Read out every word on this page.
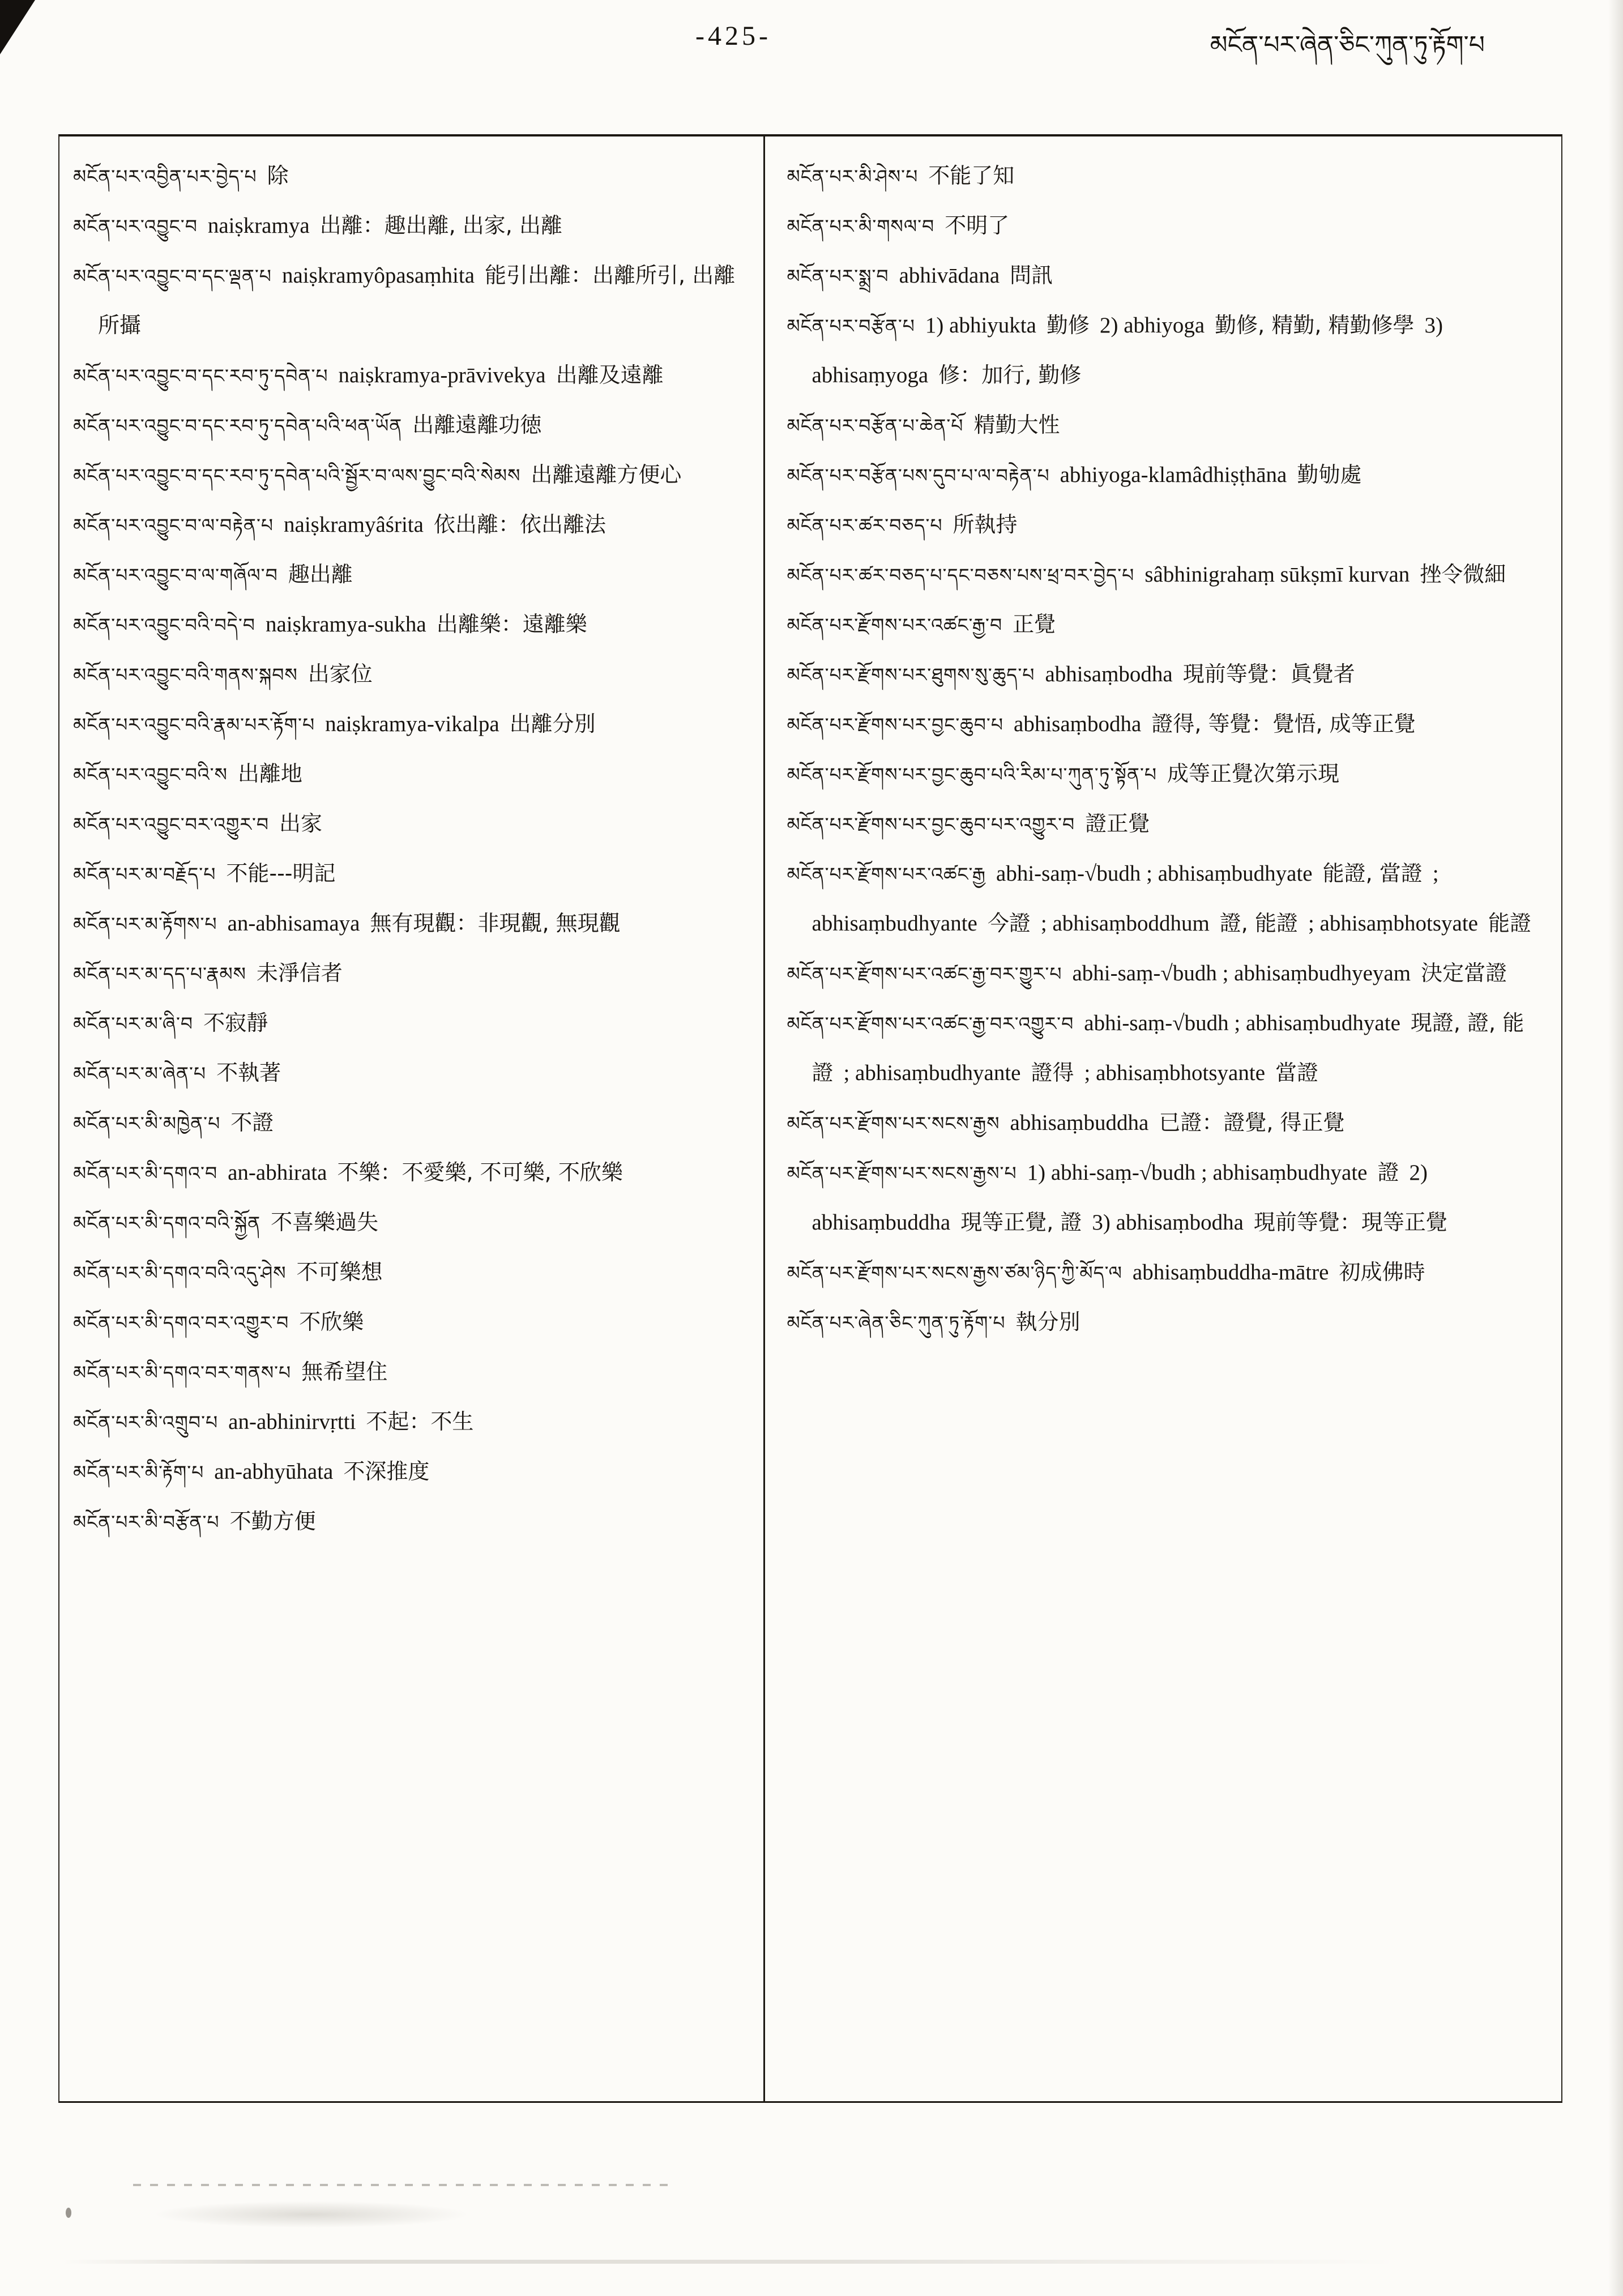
-425-	མངོན་པར་ཞེན་ཅིང་ཀུན་ཏུ་རྟོག་པ

མངོན་པར་འབྱིན་པར་བྱེད་པ 除

མངོན་པར་འབྱུང་བ naiṣkramya 出離：趣出離, 出家, 出離

མངོན་པར་འབྱུང་བ་དང་ལྡན་པ naiṣkramyôpasaṃhita 能引出離：出離所引, 出離所攝

མངོན་པར་འབྱུང་བ་དང་རབ་ཏུ་དབེན་པ naiṣkramya-prāvivekya 出離及遠離

མངོན་པར་འབྱུང་བ་དང་རབ་ཏུ་དབེན་པའི་ཕན་ཡོན 出離遠離功徳

མངོན་པར་འབྱུང་བ་དང་རབ་ཏུ་དབེན་པའི་སྦྱོར་བ་ལས་བྱུང་བའི་སེམས 出離遠離方便心

མངོན་པར་འབྱུང་བ་ལ་བརྟེན་པ naiṣkramyâśrita 依出離：依出離法

མངོན་པར་འབྱུང་བ་ལ་གཞོལ་བ 趣出離

མངོན་པར་འབྱུང་བའི་བདེ་བ naiṣkramya-sukha 出離樂：遠離樂

མངོན་པར་འབྱུང་བའི་གནས་སྐབས 出家位

མངོན་པར་འབྱུང་བའི་རྣམ་པར་རྟོག་པ naiṣkramya-vikalpa 出離分別

མངོན་པར་འབྱུང་བའི་ས 出離地

མངོན་པར་འབྱུང་བར་འགྱུར་བ 出家

མངོན་པར་མ་བརྗོད་པ 不能---明記

མངོན་པར་མ་རྟོགས་པ an-abhisamaya 無有現觀：非現觀, 無現觀

མངོན་པར་མ་དད་པ་རྣམས 未淨信者

མངོན་པར་མ་ཞི་བ 不寂靜

མངོན་པར་མ་ཞེན་པ 不執著

མངོན་པར་མི་མཁྱེན་པ 不證

མངོན་པར་མི་དགའ་བ an-abhirata 不樂：不愛樂, 不可樂, 不欣樂

མངོན་པར་མི་དགའ་བའི་སྐྱོན 不喜樂過失

མངོན་པར་མི་དགའ་བའི་འདུ་ཤེས 不可樂想

མངོན་པར་མི་དགའ་བར་འགྱུར་བ 不欣樂

མངོན་པར་མི་དགའ་བར་གནས་པ 無希望住

མངོན་པར་མི་འགྲུབ་པ an-abhinirvṛtti 不起：不生

མངོན་པར་མི་རྟོག་པ an-abhyūhata 不深推度

མངོན་པར་མི་བརྩོན་པ 不勤方便

མངོན་པར་མི་ཤེས་པ 不能了知

མངོན་པར་མི་གསལ་བ 不明了

མངོན་པར་སྨྲ་བ abhivādana 問訊

མངོན་པར་བརྩོན་པ 1) abhiyukta 勤修 2) abhiyoga 勤修, 精勤, 精勤修學 3) abhisaṃyoga 修：加行, 勤修

མངོན་པར་བརྩོན་པ་ཆེན་པོ 精勤大性

མངོན་པར་བརྩོན་པས་དུབ་པ་ལ་བརྟེན་པ abhiyoga-klamâdhiṣṭhāna 勤劬處

མངོན་པར་ཚར་བཅད་པ 所執持

མངོན་པར་ཚར་བཅད་པ་དང་བཅས་པས་ཕྲ་བར་བྱེད་པ sâbhinigrahaṃ sūkṣmī kurvan 挫令微細

མངོན་པར་རྫོགས་པར་འཚང་རྒྱ་བ 正覺

མངོན་པར་རྫོགས་པར་ཐུགས་སུ་ཆུད་པ abhisaṃbodha 現前等覺：眞覺者

མངོན་པར་རྫོགས་པར་བྱང་ཆུབ་པ abhisaṃbodha 證得, 等覺：覺悟, 成等正覺

མངོན་པར་རྫོགས་པར་བྱང་ཆུབ་པའི་རིམ་པ་ཀུན་ཏུ་སྟོན་པ 成等正覺次第示現

མངོན་པར་རྫོགས་པར་བྱང་ཆུབ་པར་འགྱུར་བ 證正覺

མངོན་པར་རྫོགས་པར་འཚང་རྒྱ abhi-saṃ-√budh ; abhisaṃbudhyate 能證, 當證 ; abhisaṃbudhyante 今證 ; abhisaṃboddhum 證, 能證 ; abhisaṃbhotsyate 能證

མངོན་པར་རྫོགས་པར་འཚང་རྒྱ་བར་གྱུར་པ abhi-saṃ-√budh ; abhisaṃbudhyeyam 決定當證

མངོན་པར་རྫོགས་པར་འཚང་རྒྱ་བར་འགྱུར་བ abhi-saṃ-√budh ; abhisaṃbudhyate 現證, 證, 能證 ; abhisaṃbudhyante 證得 ; abhisaṃbhotsyante 當證

མངོན་པར་རྫོགས་པར་སངས་རྒྱས abhisaṃbuddha 已證：證覺, 得正覺

མངོན་པར་རྫོགས་པར་སངས་རྒྱས་པ 1) abhi-saṃ-√budh ; abhisaṃbudhyate 證 2) abhisaṃbuddha 現等正覺, 證 3) abhisaṃbodha 現前等覺：現等正覺

མངོན་པར་རྫོགས་པར་སངས་རྒྱས་ཙམ་ཉིད་ཀྱི་མོད་ལ abhisaṃbuddha-mātre 初成佛時

མངོན་པར་ཞེན་ཅིང་ཀུན་ཏུ་རྟོག་པ 執分別
